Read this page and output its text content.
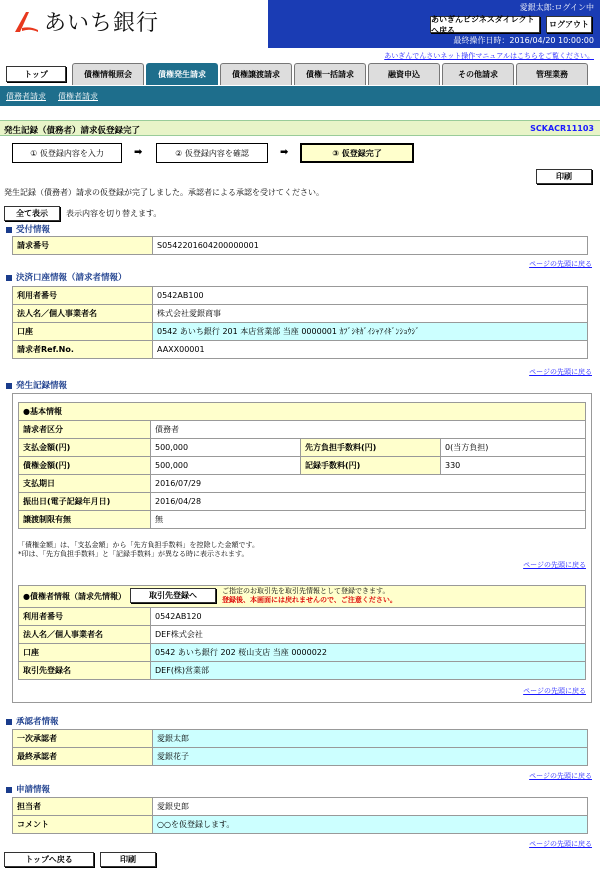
あいち銀行
愛銀太郎:ログイン中
あいぎんビジネスダイレクトへ戻る
ログアウト
最終操作日時：2016/04/20 10:00:00
あいぎんでんさいネット操作マニュアルはこちらをご覧ください。
トップ	債権情報照会	債権発生請求	債権譲渡請求	債権一括請求	融資申込	その他請求	管理業務
債務者請求 債権者請求
発生記録（債務者）請求仮登録完了	SCKACR11103
① 仮登録内容を入力	➡	② 仮登録内容を確認	➡	③ 仮登録完了
印刷
発生記録（債務者）請求の仮登録が完了しました。承認者による承認を受けてください。
全て表示	表示内容を切り替えます。
受付情報
請求番号	S0542201604200000001
ページの先頭に戻る
決済口座情報（請求者情報）
利用者番号	0542AB100
法人名／個人事業者名	株式会社愛銀商事
口座	0542 あいち銀行 201 本店営業部 当座 0000001 ｶﾌﾞｼｷｶﾞｲｼｬｱｲｷﾞﾝｼｮｳｼﾞ
請求者Ref.No.	AAXX00001
ページの先頭に戻る
発生記録情報
●基本情報			
請求者区分	債務者		
支払金額(円)	500,000	先方負担手数料(円)	0(当方負担)
債権金額(円)	500,000	記録手数料(円)	330
支払期日	2016/07/29		
振出日(電子記録年月日)	2016/04/28		
譲渡制限有無	無		
「債権金額」は、「支払金額」から「先方負担手数料」を控除した金額です。
*印は、「先方負担手数料」と「記録手数料」が異なる時に表示されます。
ページの先頭に戻る
●債権者情報（請求先情報）	
利用者番号	0542AB120
法人名／個人事業者名	DEF株式会社
口座	0542 あいち銀行 202 桜山支店 当座 0000022
取引先登録名	DEF(株)営業部
取引先登録へ	ご指定のお取引先を取引先情報として登録できます。
登録後、本画面には戻れませんので、ご注意ください。
ページの先頭に戻る
承認者情報
一次承認者	愛銀太郎
最終承認者	愛銀花子
ページの先頭に戻る
申請情報
担当者	愛銀史郎
コメント	○○を仮登録します。
ページの先頭に戻る
トップへ戻る	印刷
